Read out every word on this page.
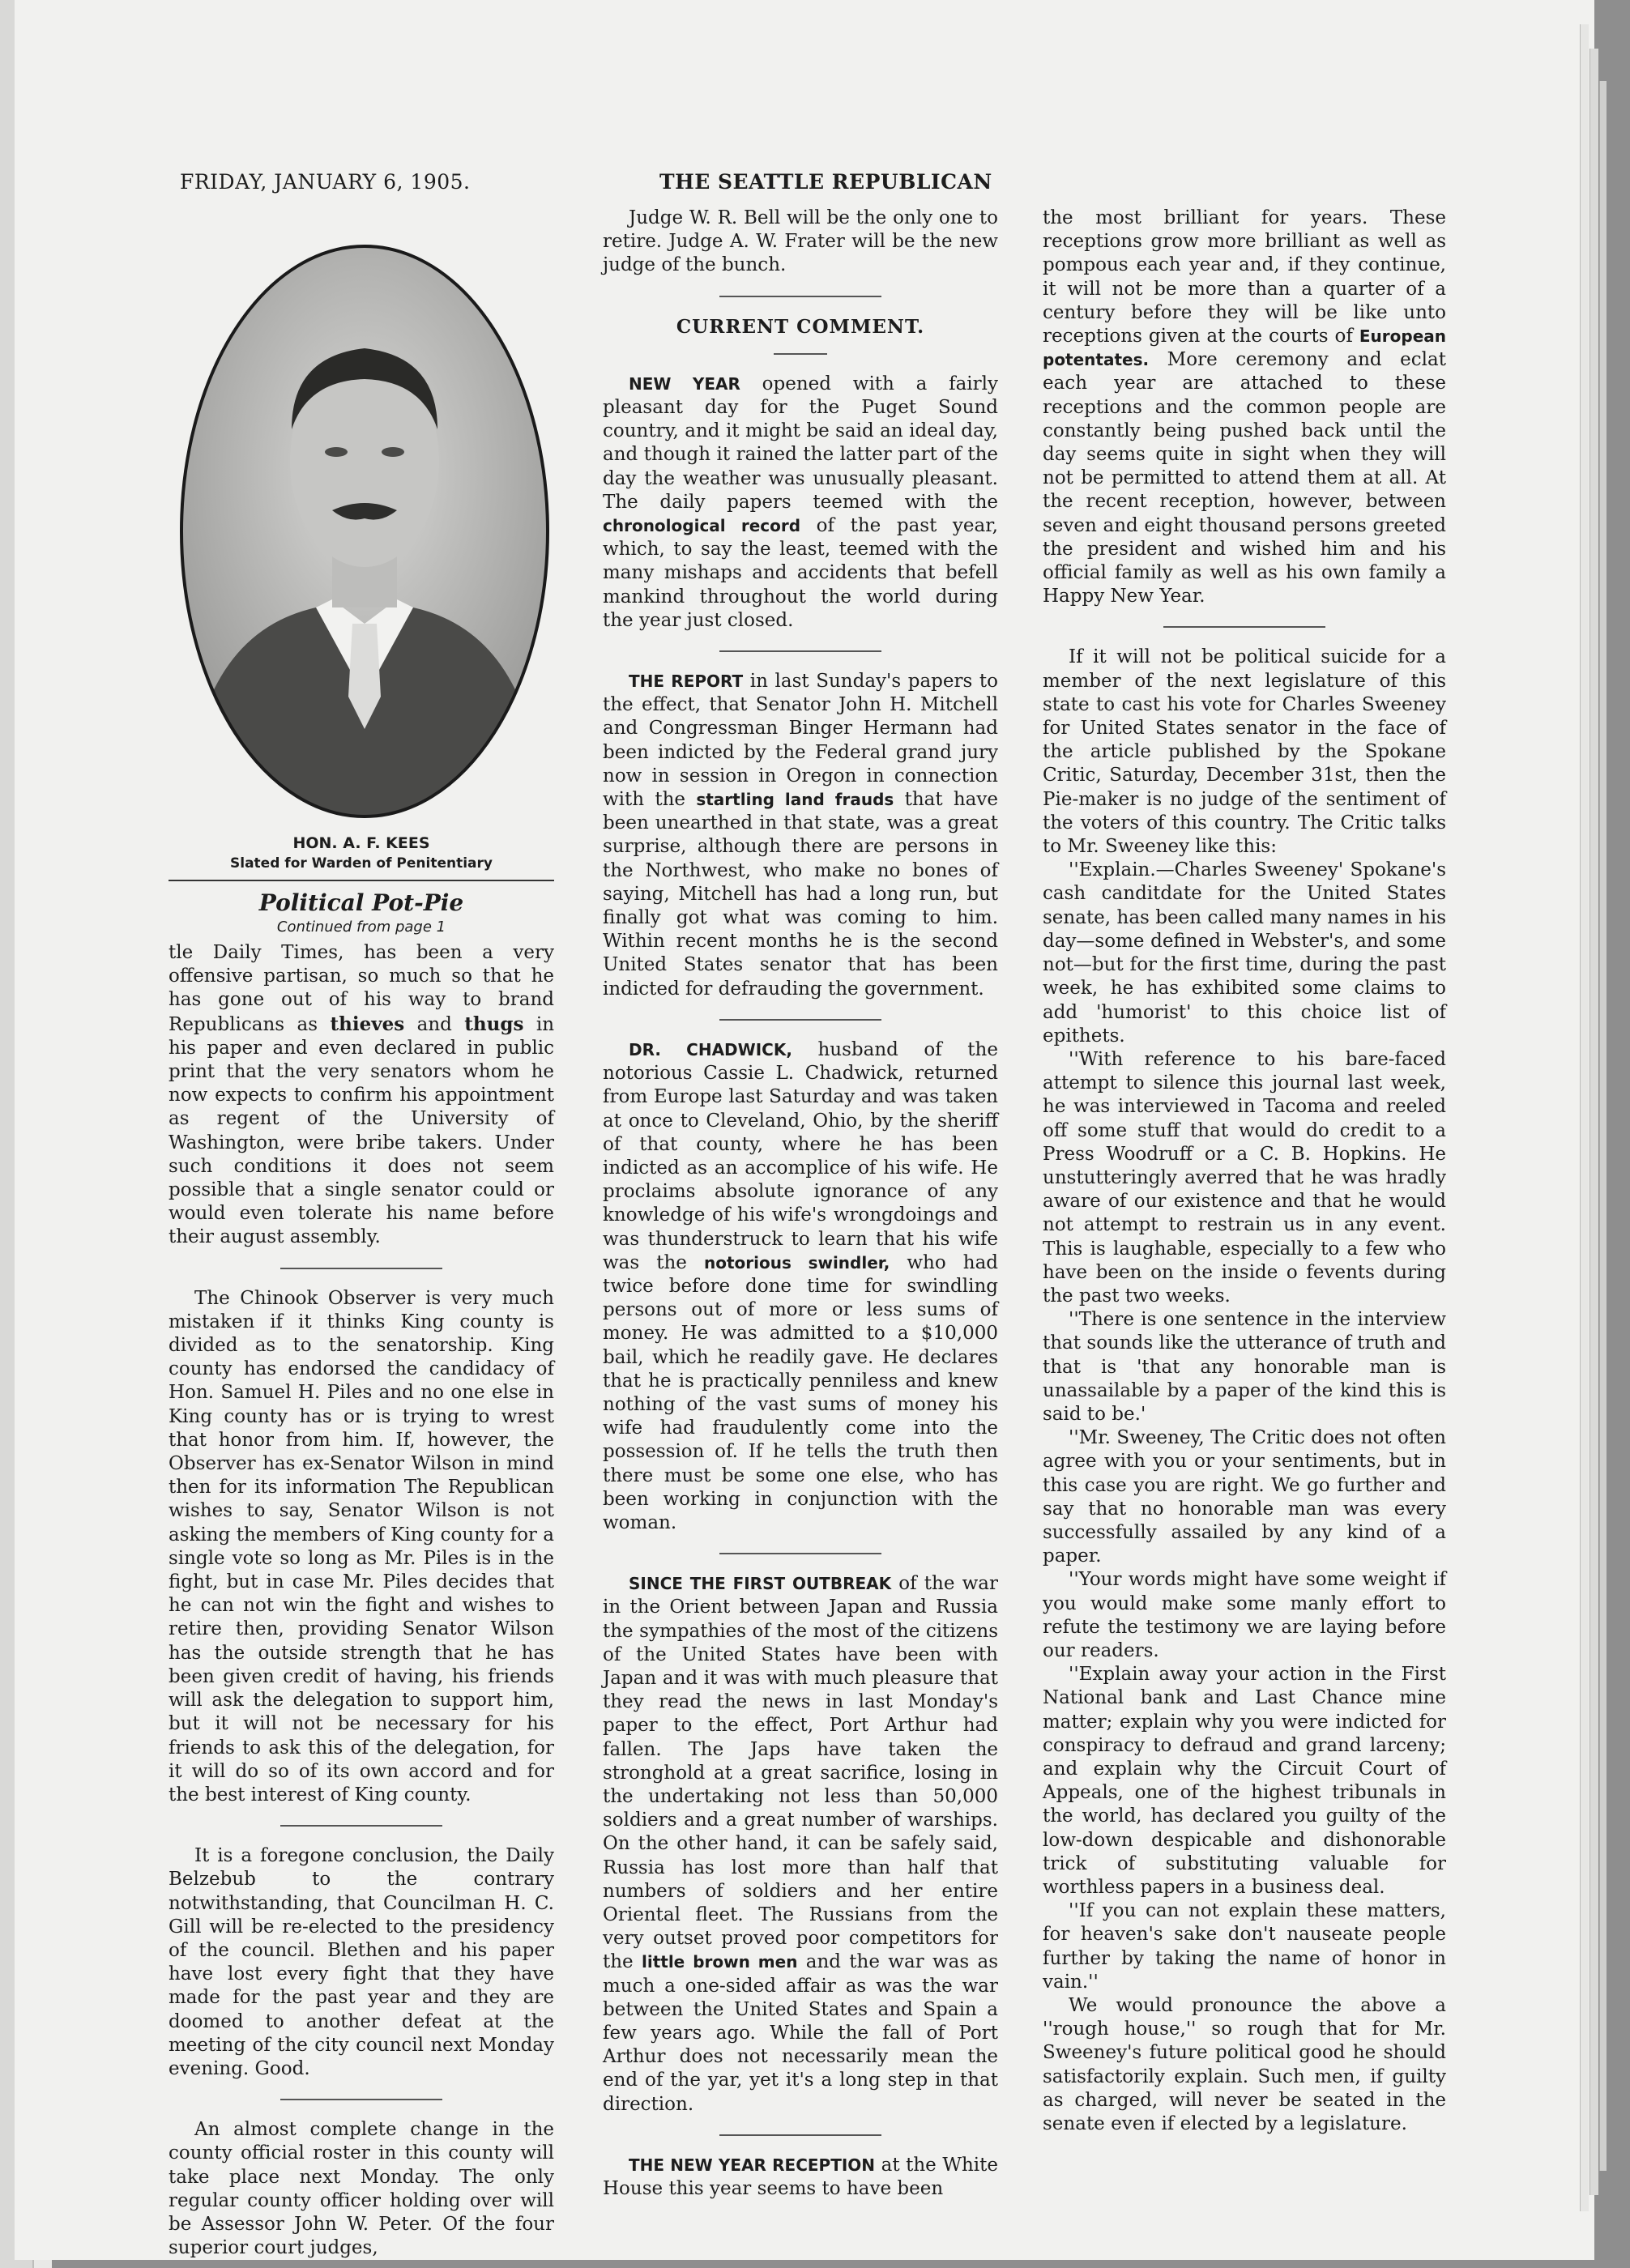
FRIDAY, JANUARY 6, 1905.	THE SEATTLE REPUBLICAN
HON. A. F. KEES
Slated for Warden of Penitentiary
Political Pot-Pie
Continued from page 1

tle Daily Times, has been a very offensive partisan, so much so that he has gone out of his way to brand Republicans as thieves and thugs in his paper and even declared in public print that the very senators whom he now expects to confirm his appointment as regent of the University of Washington, were bribe takers. Under such conditions it does not seem possible that a single senator could or would even tolerate his name before their august assembly.

The Chinook Observer is very much mistaken if it thinks King county is divided as to the senatorship. King county has endorsed the candidacy of Hon. Samuel H. Piles and no one else in King county has or is trying to wrest that honor from him. If, however, the Observer has ex-Senator Wilson in mind then for its information The Republican wishes to say, Senator Wilson is not asking the members of King county for a single vote so long as Mr. Piles is in the fight, but in case Mr. Piles decides that he can not win the fight and wishes to retire then, providing Senator Wilson has the outside strength that he has been given credit of having, his friends will ask the delegation to support him, but it will not be necessary for his friends to ask this of the delegation, for it will do so of its own accord and for the best interest of King county.

It is a foregone conclusion, the Daily Belzebub to the contrary notwithstanding, that Councilman H. C. Gill will be re-elected to the presidency of the council. Blethen and his paper have lost every fight that they have made for the past year and they are doomed to another defeat at the meeting of the city council next Monday evening. Good.

An almost complete change in the county official roster in this county will take place next Monday. The only regular county officer holding over will be Assessor John W. Peter. Of the four superior court judges,

Judge W. R. Bell will be the only one to retire. Judge A. W. Frater will be the new judge of the bunch.

CURRENT COMMENT.

NEW YEAR opened with a fairly pleasant day for the Puget Sound country, and it might be said an ideal day, and though it rained the latter part of the day the weather was unusually pleasant. The daily papers teemed with the chronological record of the past year, which, to say the least, teemed with the many mishaps and accidents that befell mankind throughout the world during the year just closed.

THE REPORT in last Sunday's papers to the effect, that Senator John H. Mitchell and Congressman Binger Hermann had been indicted by the Federal grand jury now in session in Oregon in connection with the startling land frauds that have been unearthed in that state, was a great surprise, although there are persons in the Northwest, who make no bones of saying, Mitchell has had a long run, but finally got what was coming to him. Within recent months he is the second United States senator that has been indicted for defrauding the government.

DR. CHADWICK, husband of the notorious Cassie L. Chadwick, returned from Europe last Saturday and was taken at once to Cleveland, Ohio, by the sheriff of that county, where he has been indicted as an accomplice of his wife. He proclaims absolute ignorance of any knowledge of his wife's wrongdoings and was thunderstruck to learn that his wife was the notorious swindler, who had twice before done time for swindling persons out of more or less sums of money. He was admitted to a $10,000 bail, which he readily gave. He declares that he is practically penniless and knew nothing of the vast sums of money his wife had fraudulently come into the possession of. If he tells the truth then there must be some one else, who has been working in conjunction with the woman.

SINCE THE FIRST OUTBREAK of the war in the Orient between Japan and Russia the sympathies of the most of the citizens of the United States have been with Japan and it was with much pleasure that they read the news in last Monday's paper to the effect, Port Arthur had fallen. The Japs have taken the stronghold at a great sacrifice, losing in the undertaking not less than 50,000 soldiers and a great number of warships. On the other hand, it can be safely said, Russia has lost more than half that numbers of soldiers and her entire Oriental fleet. The Russians from the very outset proved poor competitors for the little brown men and the war was as much a one-sided affair as was the war between the United States and Spain a few years ago. While the fall of Port Arthur does not necessarily mean the end of the yar, yet it's a long step in that direction.

THE NEW YEAR RECEPTION at the White House this year seems to have been

the most brilliant for years. These receptions grow more brilliant as well as pompous each year and, if they continue, it will not be more than a quarter of a century before they will be like unto receptions given at the courts of European potentates. More ceremony and eclat each year are attached to these receptions and the common people are constantly being pushed back until the day seems quite in sight when they will not be permitted to attend them at all. At the recent reception, however, between seven and eight thousand persons greeted the president and wished him and his official family as well as his own family a Happy New Year.

If it will not be political suicide for a member of the next legislature of this state to cast his vote for Charles Sweeney for United States senator in the face of the article published by the Spokane Critic, Saturday, December 31st, then the Pie-maker is no judge of the sentiment of the voters of this country. The Critic talks to Mr. Sweeney like this:

''Explain.—Charles Sweeney' Spokane's cash canditdate for the United States senate, has been called many names in his day—some defined in Webster's, and some not—but for the first time, during the past week, he has exhibited some claims to add 'humorist' to this choice list of epithets.

''With reference to his bare-faced attempt to silence this journal last week, he was interviewed in Tacoma and reeled off some stuff that would do credit to a Press Woodruff or a C. B. Hopkins. He unstutteringly averred that he was hradly aware of our existence and that he would not attempt to restrain us in any event. This is laughable, especially to a few who have been on the inside o fevents during the past two weeks.

''There is one sentence in the interview that sounds like the utterance of truth and that is 'that any honorable man is unassailable by a paper of the kind this is said to be.'

''Mr. Sweeney, The Critic does not often agree with you or your sentiments, but in this case you are right. We go further and say that no honorable man was every successfully assailed by any kind of a paper.

''Your words might have some weight if you would make some manly effort to refute the testimony we are laying before our readers.

''Explain away your action in the First National bank and Last Chance mine matter; explain why you were indicted for conspiracy to defraud and grand larceny; and explain why the Circuit Court of Appeals, one of the highest tribunals in the world, has declared you guilty of the low-down despicable and dishonorable trick of substituting valuable for worthless papers in a business deal.

''If you can not explain these matters, for heaven's sake don't nauseate people further by taking the name of honor in vain.''

We would pronounce the above a ''rough house,'' so rough that for Mr. Sweeney's future political good he should satisfactorily explain. Such men, if guilty as charged, will never be seated in the senate even if elected by a legislature.
